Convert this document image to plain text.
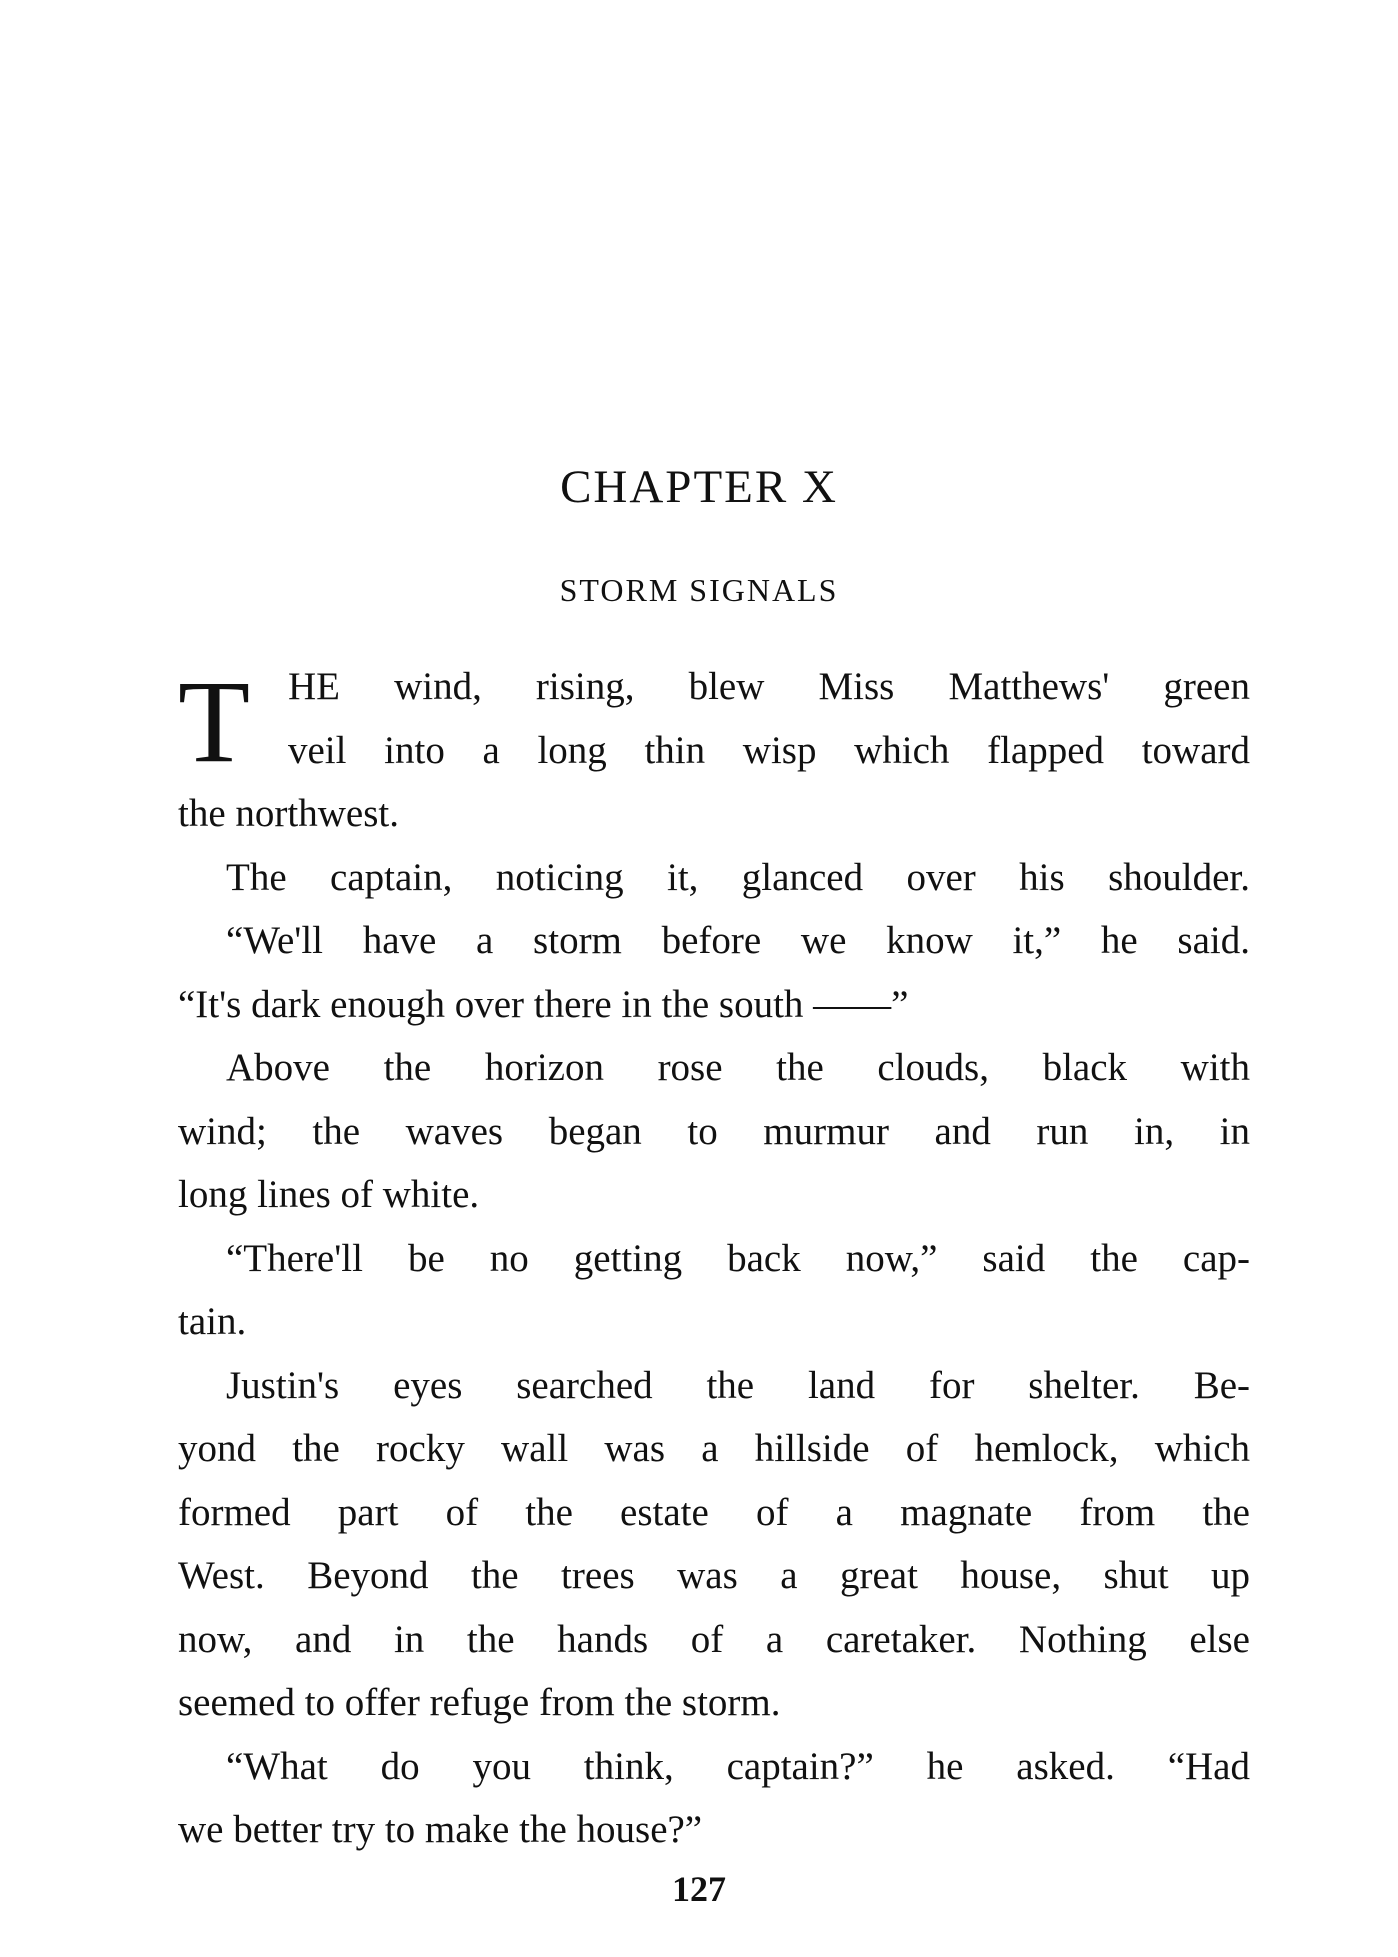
CHAPTER X
STORM SIGNALS
T HE wind, rising, blew Miss Matthews' green
veil into a long thin wisp which flapped toward
the northwest.
The captain, noticing it, glanced over his shoulder.
“We'll have a storm before we know it,” he said.
“It's dark enough over there in the south ——”
Above the horizon rose the clouds, black with
wind; the waves began to murmur and run in, in
long lines of white.
“There'll be no getting back now,” said the cap-
tain.
Justin's eyes searched the land for shelter. Be-
yond the rocky wall was a hillside of hemlock, which
formed part of the estate of a magnate from the
West. Beyond the trees was a great house, shut up
now, and in the hands of a caretaker. Nothing else
seemed to offer refuge from the storm.
“What do you think, captain?” he asked. “Had
we better try to make the house?”
127
